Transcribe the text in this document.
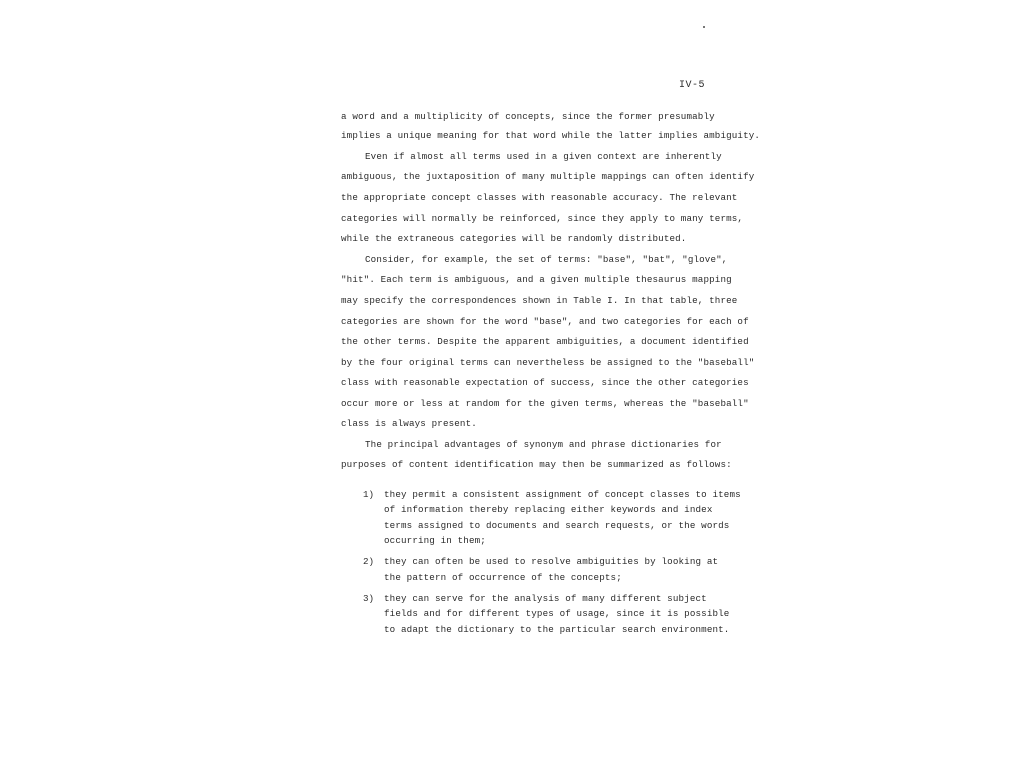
IV-5
a word and a multiplicity of concepts, since the former presumably
implies a unique meaning for that word while the latter implies ambiguity.
Even if almost all terms used in a given context are inherently
ambiguous, the juxtaposition of many multiple mappings can often identify
the appropriate concept classes with reasonable accuracy. The relevant
categories will normally be reinforced, since they apply to many terms,
while the extraneous categories will be randomly distributed.
Consider, for example, the set of terms: "base", "bat", "glove",
"hit". Each term is ambiguous, and a given multiple thesaurus mapping
may specify the correspondences shown in Table I. In that table, three
categories are shown for the word "base", and two categories for each of
the other terms. Despite the apparent ambiguities, a document identified
by the four original terms can nevertheless be assigned to the "baseball"
class with reasonable expectation of success, since the other categories
occur more or less at random for the given terms, whereas the "baseball"
class is always present.
The principal advantages of synonym and phrase dictionaries for
purposes of content identification may then be summarized as follows:
1) they permit a consistent assignment of concept classes to items
of information thereby replacing either keywords and index
terms assigned to documents and search requests, or the words
occurring in them;
2) they can often be used to resolve ambiguities by looking at
the pattern of occurrence of the concepts;
3) they can serve for the analysis of many different subject
fields and for different types of usage, since it is possible
to adapt the dictionary to the particular search environment.
